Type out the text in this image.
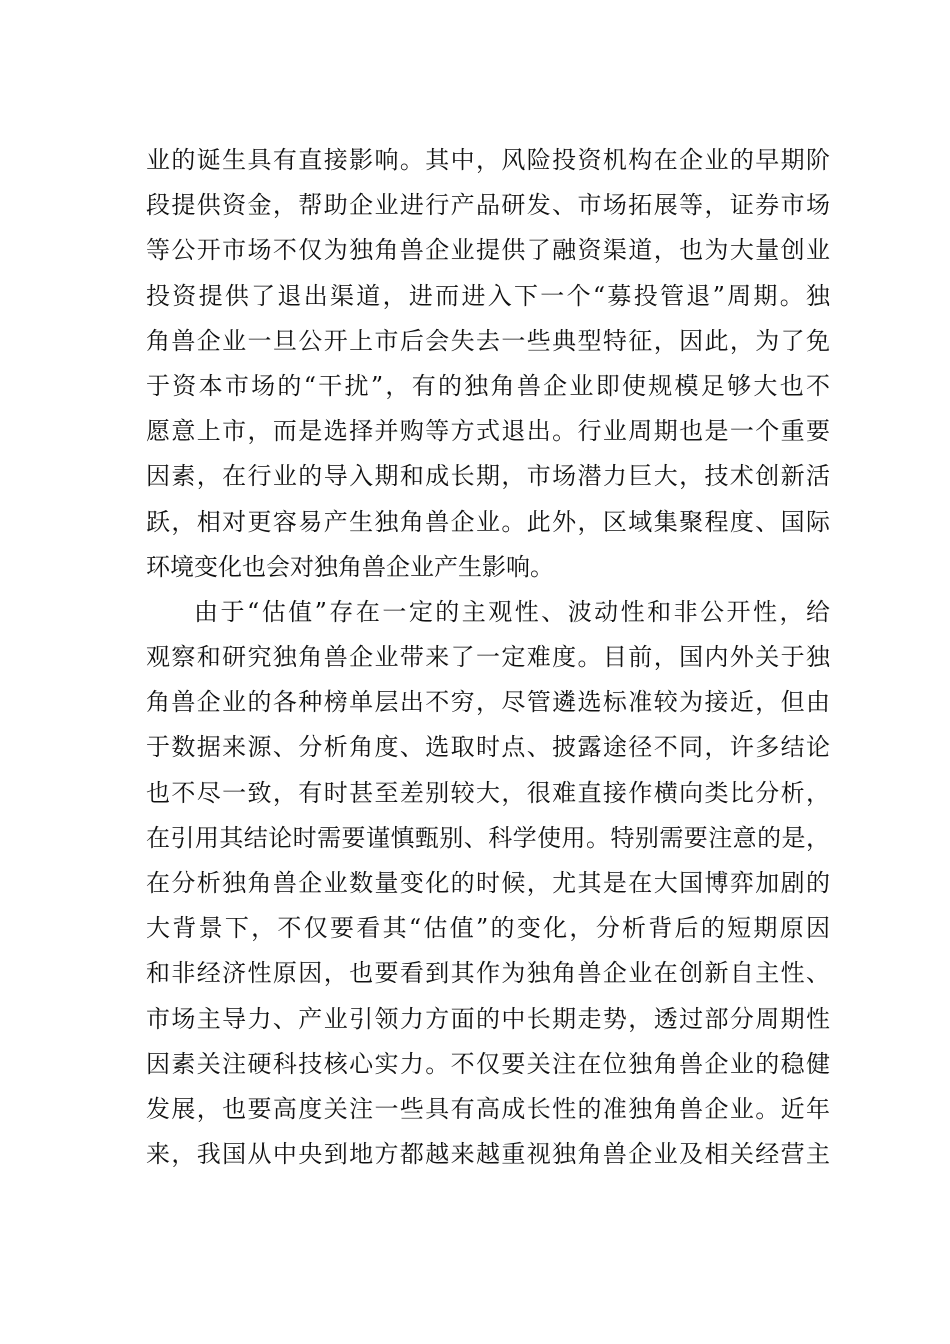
业的诞生具有直接影响。其中，风险投资机构在企业的早期阶
段提供资金，帮助企业进行产品研发、市场拓展等，证券市场
等公开市场不仅为独角兽企业提供了融资渠道，也为大量创业
投资提供了退出渠道，进而进入下一个“募投管退”周期。独
角兽企业一旦公开上市后会失去一些典型特征，因此，为了免
于资本市场的“干扰”，有的独角兽企业即使规模足够大也不
愿意上市，而是选择并购等方式退出。行业周期也是一个重要
因素，在行业的导入期和成长期，市场潜力巨大，技术创新活
跃，相对更容易产生独角兽企业。此外，区域集聚程度、国际
环境变化也会对独角兽企业产生影响。
由于“估值”存在一定的主观性、波动性和非公开性，给
观察和研究独角兽企业带来了一定难度。目前，国内外关于独
角兽企业的各种榜单层出不穷，尽管遴选标准较为接近，但由
于数据来源、分析角度、选取时点、披露途径不同，许多结论
也不尽一致，有时甚至差别较大，很难直接作横向类比分析，
在引用其结论时需要谨慎甄别、科学使用。特别需要注意的是，
在分析独角兽企业数量变化的时候，尤其是在大国博弈加剧的
大背景下，不仅要看其“估值”的变化，分析背后的短期原因
和非经济性原因，也要看到其作为独角兽企业在创新自主性、
市场主导力、产业引领力方面的中长期走势，透过部分周期性
因素关注硬科技核心实力。不仅要关注在位独角兽企业的稳健
发展，也要高度关注一些具有高成长性的准独角兽企业。近年
来，我国从中央到地方都越来越重视独角兽企业及相关经营主
